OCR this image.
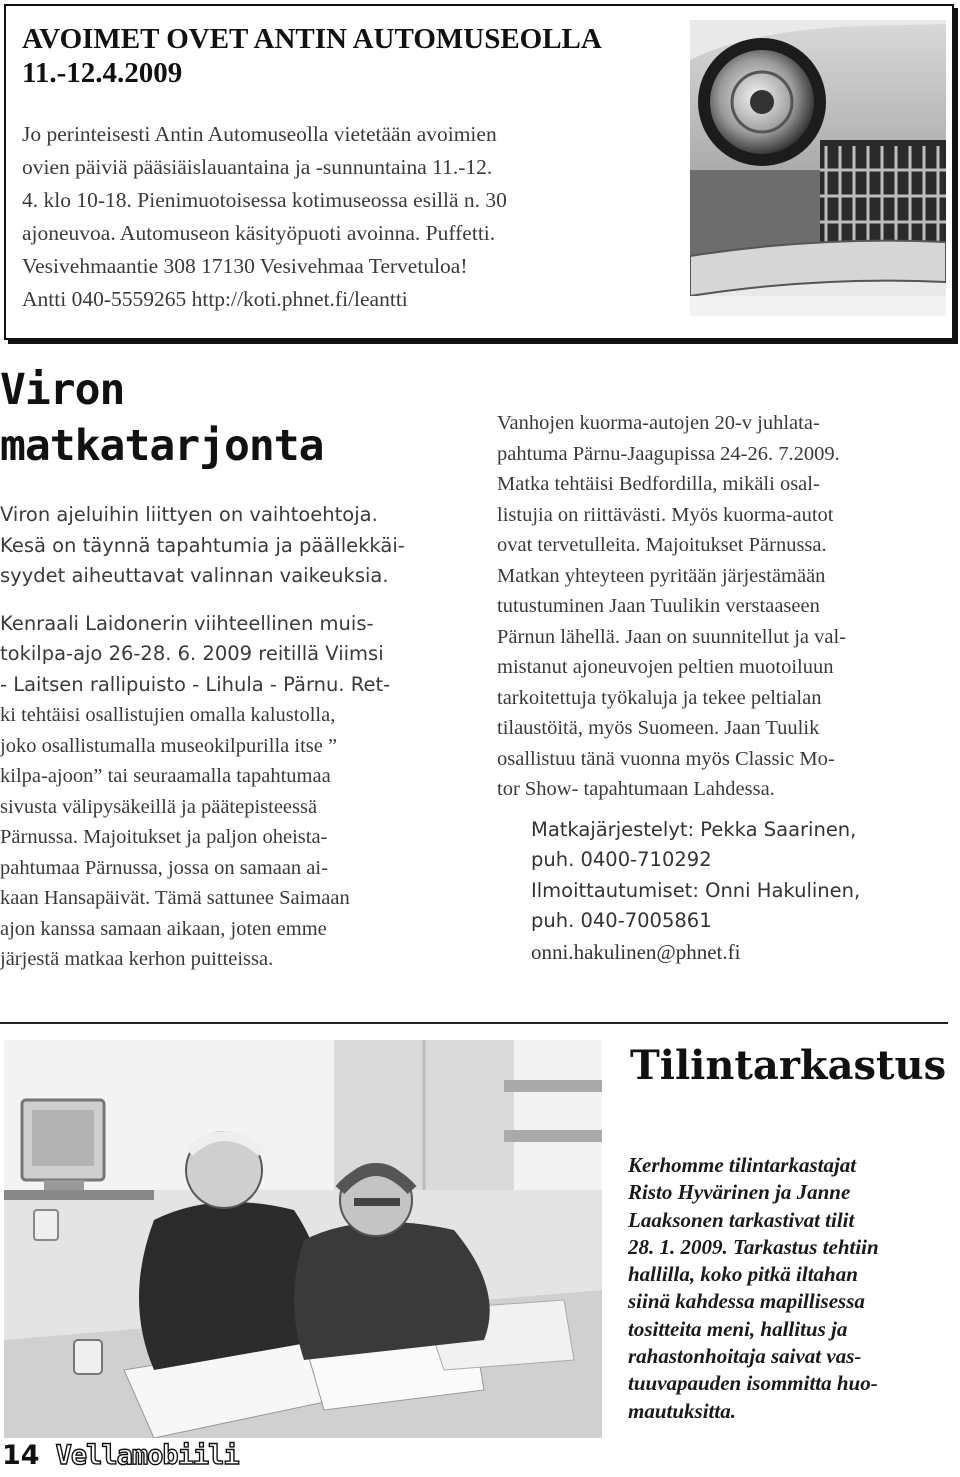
AVOIMET OVET ANTIN AUTOMUSEOLLA
11.-12.4.2009
Jo perinteisesti Antin Automuseolla vietetään avoimien
ovien päiviä pääsiäislauantaina ja -sunnuntaina 11.-12.
4. klo 10-18. Pienimuotoisessa kotimuseossa esillä n. 30
ajoneuvoa. Automuseon käsityöpuoti avoinna. Puffetti.
Vesivehmaantie 308 17130 Vesivehmaa Tervetuloa!
Antti 040-5559265 http://koti.phnet.fi/leantti
Viron
matkatarjonta

Viron ajeluihin liittyen on vaihtoehtoja.
Kesä on täynnä tapahtumia ja päällekkäi-
syydet aiheuttavat valinnan vaikeuksia.

Kenraali Laidonerin viihteellinen muis-
tokilpa-ajo 26-28. 6. 2009 reitillä Viimsi
- Laitsen rallipuisto - Lihula - Pärnu. Ret-
ki tehtäisi osallistujien omalla kalustolla,
joko osallistumalla museokilpurilla itse ”
kilpa-ajoon” tai seuraamalla tapahtumaa
sivusta välipysäkeillä ja päätepisteessä
Pärnussa. Majoitukset ja paljon oheista-
pahtumaa Pärnussa, jossa on samaan ai-
kaan Hansapäivät. Tämä sattunee Saimaan
ajon kanssa samaan aikaan, joten emme
järjestä matkaa kerhon puitteissa.

Vanhojen kuorma-autojen 20-v juhlata-
pahtuma Pärnu-Jaagupissa 24-26. 7.2009.
Matka tehtäisi Bedfordilla, mikäli osal-
listujia on riittävästi. Myös kuorma-autot
ovat tervetulleita. Majoitukset Pärnussa.
Matkan yhteyteen pyritään järjestämään
tutustuminen Jaan Tuulikin verstaaseen
Pärnun lähellä. Jaan on suunnitellut ja val-
mistanut ajoneuvojen peltien muotoiluun
tarkoitettuja työkaluja ja tekee peltialan
tilaustöitä, myös Suomeen. Jaan Tuulik
osallistuu tänä vuonna myös Classic Mo-
tor Show- tapahtumaan Lahdessa.

Matkajärjestelyt: Pekka Saarinen,
puh. 0400-710292
Ilmoittautumiset: Onni Hakulinen,
puh. 040-7005861
onni.hakulinen@phnet.fi

Tilintarkastus
Kerhomme tilintarkastajat
Risto Hyvärinen ja Janne
Laaksonen tarkastivat tilit
28. 1. 2009. Tarkastus tehtiin
hallilla, koko pitkä iltahan
siinä kahdessa mapillisessa
tositteita meni, hallitus ja
rahastonhoitaja saivat vas-
tuuvapauden isommitta huo-
mautuksitta.
14 Vellamobiili
